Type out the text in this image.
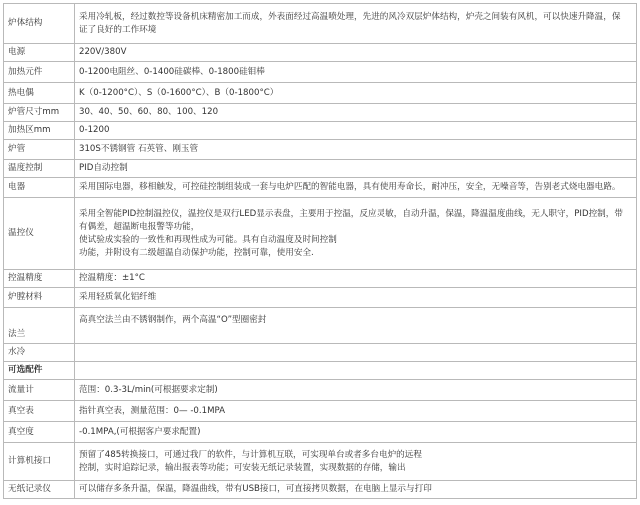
炉体结构	采用冷轧板，经过数控等设备机床精密加工而成，外表面经过高温喷处理，先进的风冷双层炉体结构，炉壳之间装有风机，可以快速升降温，保
证了良好的工作环境

电源	220V/380V
加热元件	0-1200电阻丝、0-1400硅碳棒、0-1800硅钼棒
热电偶	K（0-1200°C）、S（0-1600°C）、B（0-1800°C）
炉管尺寸mm	30、40、50、60、80、100、120
加热区mm	0-1200
炉管	310S不锈钢管 石英管、刚玉管
温度控制	PID自动控制
电器	采用国际电器，移相触发，可控硅控制组装成一套与电炉匹配的智能电器，具有使用寿命长，耐冲压，安全，无噪音等，告别老式烧电器电路。
温控仪	采用全智能PID控制温控仪，温控仪是双行LED显示表盘，主要用于控温，反应灵敏，自动升温，保温，降温温度曲线，无人职守，PID控制，带
有偶差，超温断电报警等功能，
使试验成实验的一致性和再现性成为可能。具有自动温度及时间控制
功能，并附设有二级超温自动保护功能，控制可靠，使用安全.

控温精度	控温精度：±1°C
炉膛材料	采用轻质氧化铝纤维
法兰	高真空法兰由不锈钢制作，两个高温“O”型圈密封
水冷	
可选配件	
流量计	范围：0.3-3L/min(可根据要求定制)
真空表	指针真空表，测量范围：0— -0.1MPA
真空度	-0.1MPA,(可根据客户要求配置)
计算机接口	预留了485转换接口，可通过我厂的软件，与计算机互联，可实现单台或者多台电炉的远程
控制，实时追踪记录，输出报表等功能；可安装无纸记录装置，实现数据的存储，输出

无纸记录仪	可以储存多条升温，保温，降温曲线，带有USB接口，可直接拷贝数据，在电脑上显示与打印
